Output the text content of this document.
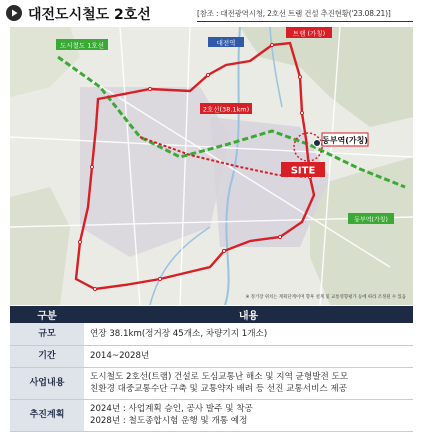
대전도시철도 2호선	[참조 : 대전광역시청, 2호선 트램 건설 추진현황('23.08.21)]
도시철도 1호선	대전역
트램 (가칭)
2호선(38.1km)
동부역(가칭)
SITE
동부역(가칭)
※ 정거장 위치는 계획단계이며 향후 설계 및 교통영향평가 등에 따라 조정될 수 있음
구분	내용
규모	연장 38.1km(정거장 45개소, 차량기지 1개소)

기간	2014~2028년

사업내용	도시철도 2호선(트램) 건설로 도심교통난 해소 및 지역 균형발전 도모
친환경 대중교통수단 구축 및 교통약자 배려 등 선진 교통서비스 제공

추진계획	2024년 : 사업계획 승인, 공사 발주 및 착공
2028년 : 철도종합시험 운행 및 개통 예정
